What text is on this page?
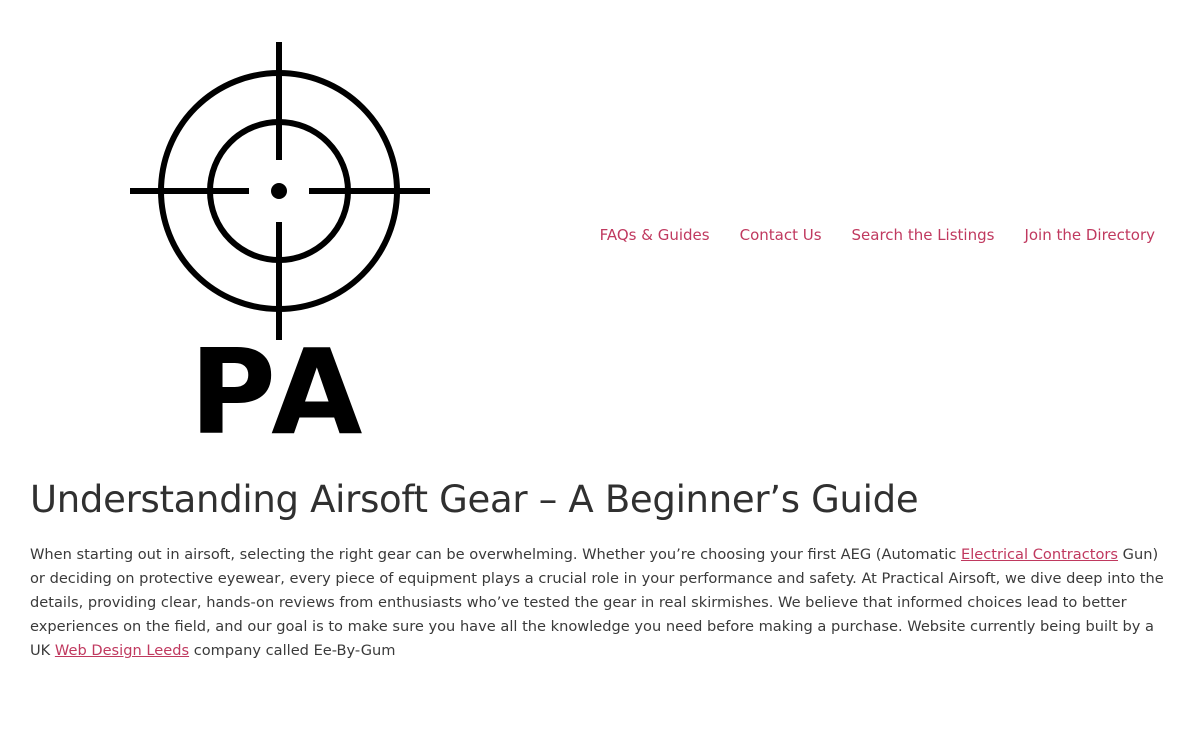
PA
FAQs & Guides Contact Us Search the Listings Join the Directory
Understanding Airsoft Gear – A Beginner’s Guide

When starting out in airsoft, selecting the right gear can be overwhelming. Whether you’re choosing your first AEG (Automatic Electrical Contractors Gun) or deciding on protective eyewear, every piece of equipment plays a crucial role in your performance and safety. At Practical Airsoft, we dive deep into the details, providing clear, hands-on reviews from enthusiasts who’ve tested the gear in real skirmishes. We believe that informed choices lead to better experiences on the field, and our goal is to make sure you have all the knowledge you need before making a purchase. Website currently being built by a UK Web Design Leeds company called Ee-By-Gum
